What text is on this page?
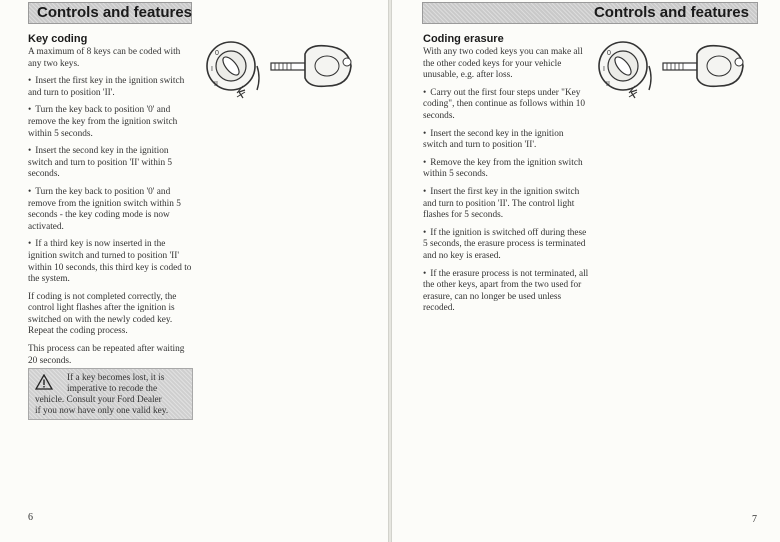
Controls and features
Key coding
0
I
II

A maximum of 8 keys can be coded with any two keys.

• Insert the first key in the ignition switch and turn to position 'II'.

• Turn the key back to position '0' and remove the key from the ignition switch within 5 seconds.

• Insert the second key in the ignition switch and turn to position 'II' within 5 seconds.

• Turn the key back to position '0' and remove from the ignition switch within 5 seconds - the key coding mode is now activated.

• If a third key is now inserted in the ignition switch and turned to position 'II' within 10 seconds, this third key is coded to the system.

If coding is not completed correctly, the control light flashes after the ignition is switched on with the newly coded key. Repeat the coding process.

This process can be repeated after waiting 20 seconds.

If a key becomes lost, it is
imperative to recode the
vehicle. Consult your Ford Dealer
if you now have only one valid key.
6
Controls and features
Coding erasure
0
I
II

With any two coded keys you can make all the other coded keys for your vehicle unusable, e.g. after loss.

• Carry out the first four steps under "Key coding", then continue as follows within 10 seconds.

• Insert the second key in the ignition switch and turn to position 'II'.

• Remove the key from the ignition switch within 5 seconds.

• Insert the first key in the ignition switch and turn to position 'II'. The control light flashes for 5 seconds.

• If the ignition is switched off during these 5 seconds, the erasure process is terminated and no key is erased.

• If the erasure process is not terminated, all the other keys, apart from the two used for erasure, can no longer be used unless recoded.

7
